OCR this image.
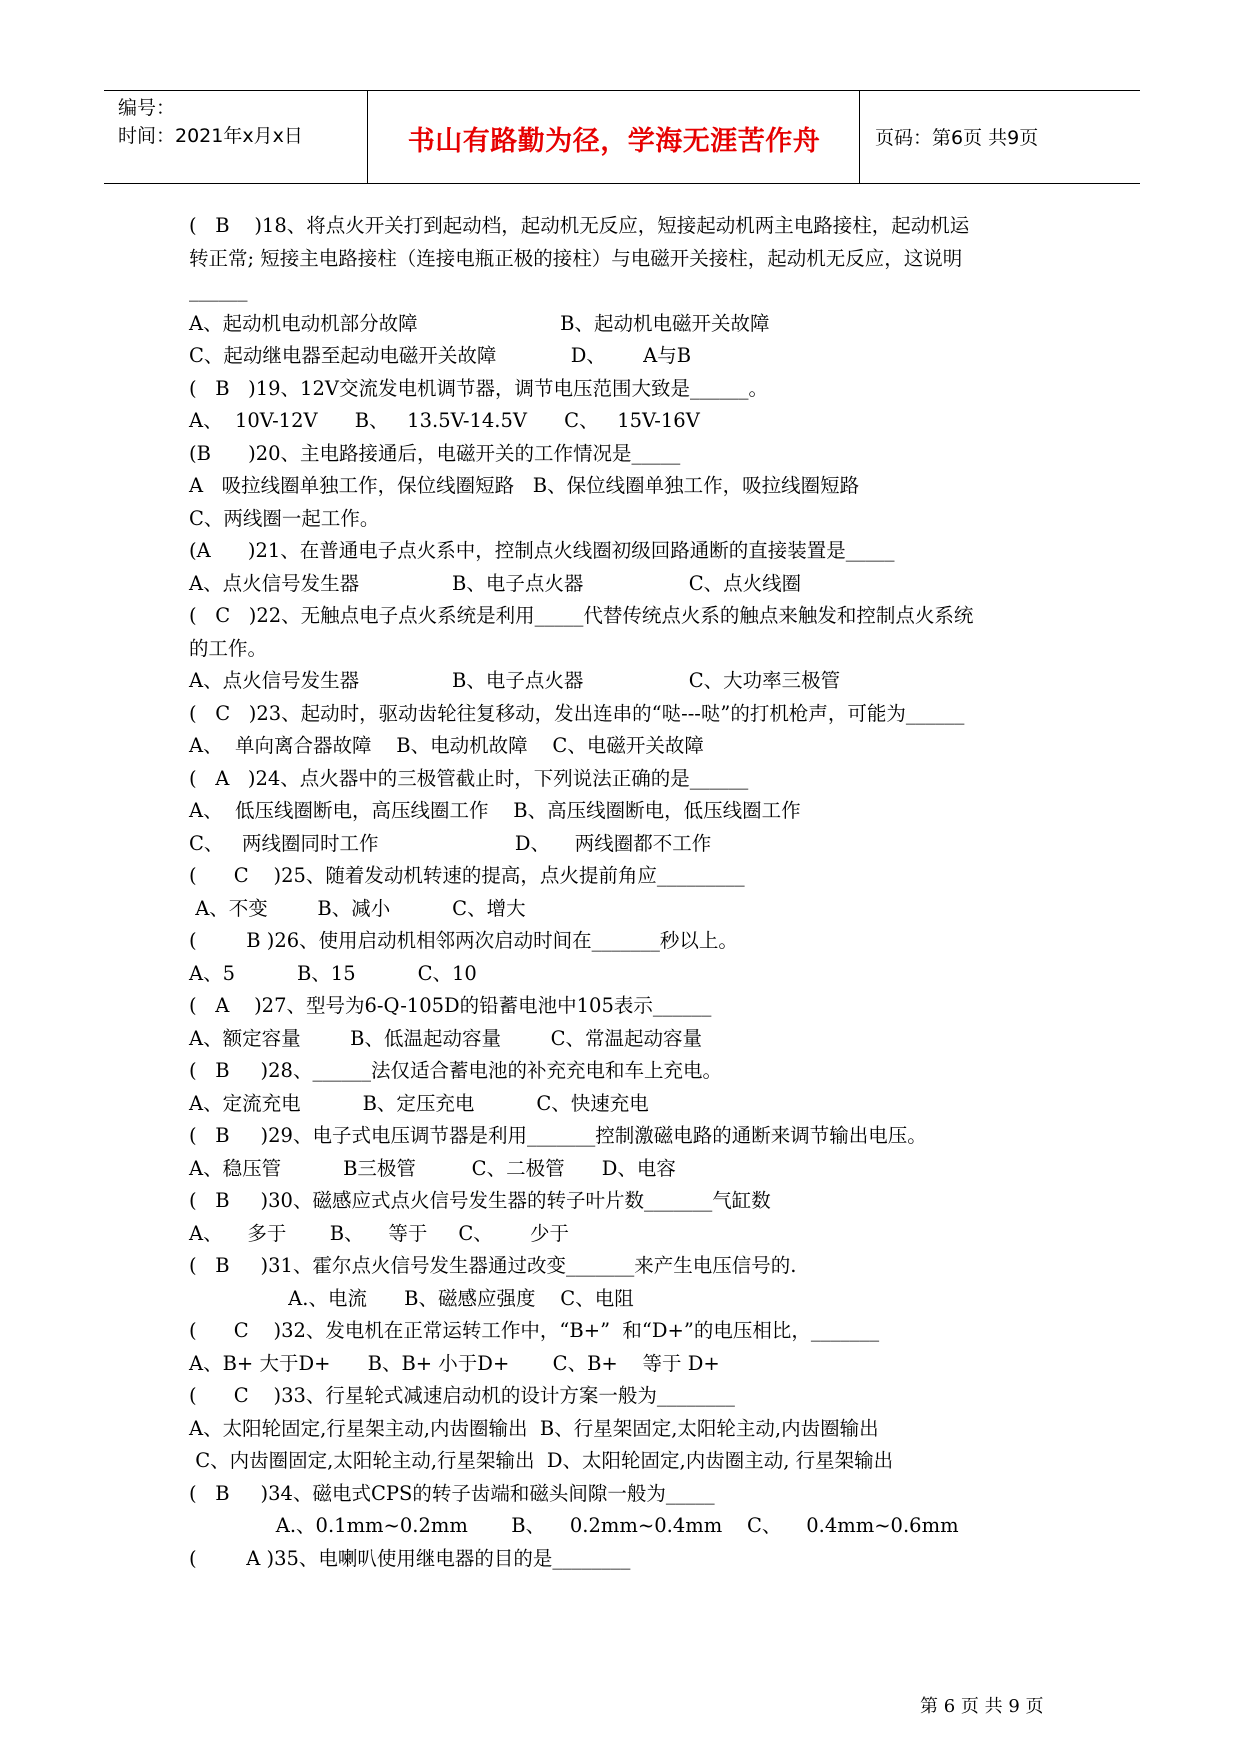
编号：
时间：2021年x月x日	书山有路勤为径，学海无涯苦作舟	页码：第6页 共9页
(   B    )18、将点火开关打到起动档，起动机无反应，短接起动机两主电路接柱，起动机运
转正常; 短接主电路接柱（连接电瓶正极的接柱）与电磁开关接柱，起动机无反应，这说明
______
A、起动机电动机部分故障                       B、起动机电磁开关故障
C、起动继电器至起动电磁开关故障            D、      A与B
(   B   )19、12V交流发电机调节器，调节电压范围大致是______。
A、  10V-12V      B、   13.5V-14.5V      C、   15V-16V
(B      )20、主电路接通后，电磁开关的工作情况是_____
A   吸拉线圈单独工作，保位线圈短路   B、保位线圈单独工作，吸拉线圈短路
C、两线圈一起工作。
(A      )21、在普通电子点火系中，控制点火线圈初级回路通断的直接装置是_____
A、点火信号发生器               B、电子点火器                 C、点火线圈
(   C   )22、无触点电子点火系统是利用_____代替传统点火系的触点来触发和控制点火系统
的工作。
A、点火信号发生器               B、电子点火器                 C、大功率三极管
(   C   )23、起动时，驱动齿轮往复移动，发出连串的“哒---哒”的打机枪声，可能为______
A、  单向离合器故障    B、电动机故障    C、电磁开关故障
(   A   )24、点火器中的三极管截止时，下列说法正确的是______
A、  低压线圈断电，高压线圈工作    B、高压线圈断电，低压线圈工作
C、   两线圈同时工作                      D、    两线圈都不工作
(      C    )25、随着发动机转速的提高，点火提前角应_________
A、不变        B、减小          C、增大
(        B )26、使用启动机相邻两次启动时间在_______秒以上。
A、5          B、15          C、10
(   A    )27、型号为6-Q-105D的铅蓄电池中105表示______
A、额定容量        B、低温起动容量        C、常温起动容量
(   B     )28、______法仅适合蓄电池的补充充电和车上充电。
A、定流充电          B、定压充电          C、快速充电
(   B     )29、电子式电压调节器是利用_______控制激磁电路的通断来调节输出电压。
A、稳压管          B三极管         C、二极管      D、电容
(   B     )30、磁感应式点火信号发生器的转子叶片数_______气缸数
A、    多于       B、    等于     C、      少于
(   B     )31、霍尔点火信号发生器通过改变_______来产生电压信号的.
A.、电流      B、磁感应强度    C、电阻
(      C    )32、发电机在正常运转工作中，“B+”  和“D+”的电压相比，_______
A、B+ 大于D+      B、B+ 小于D+       C、B+    等于 D+
(      C    )33、行星轮式减速启动机的设计方案一般为________
A、太阳轮固定,行星架主动,内齿圈输出  B、行星架固定,太阳轮主动,内齿圈输出
C、内齿圈固定,太阳轮主动,行星架输出  D、太阳轮固定,内齿圈主动, 行星架输出
(   B     )34、磁电式CPS的转子齿端和磁头间隙一般为_____
A.、0.1mm~0.2mm       B、    0.2mm~0.4mm    C、    0.4mm~0.6mm
(        A )35、电喇叭使用继电器的目的是________
第 6 页 共 9 页
